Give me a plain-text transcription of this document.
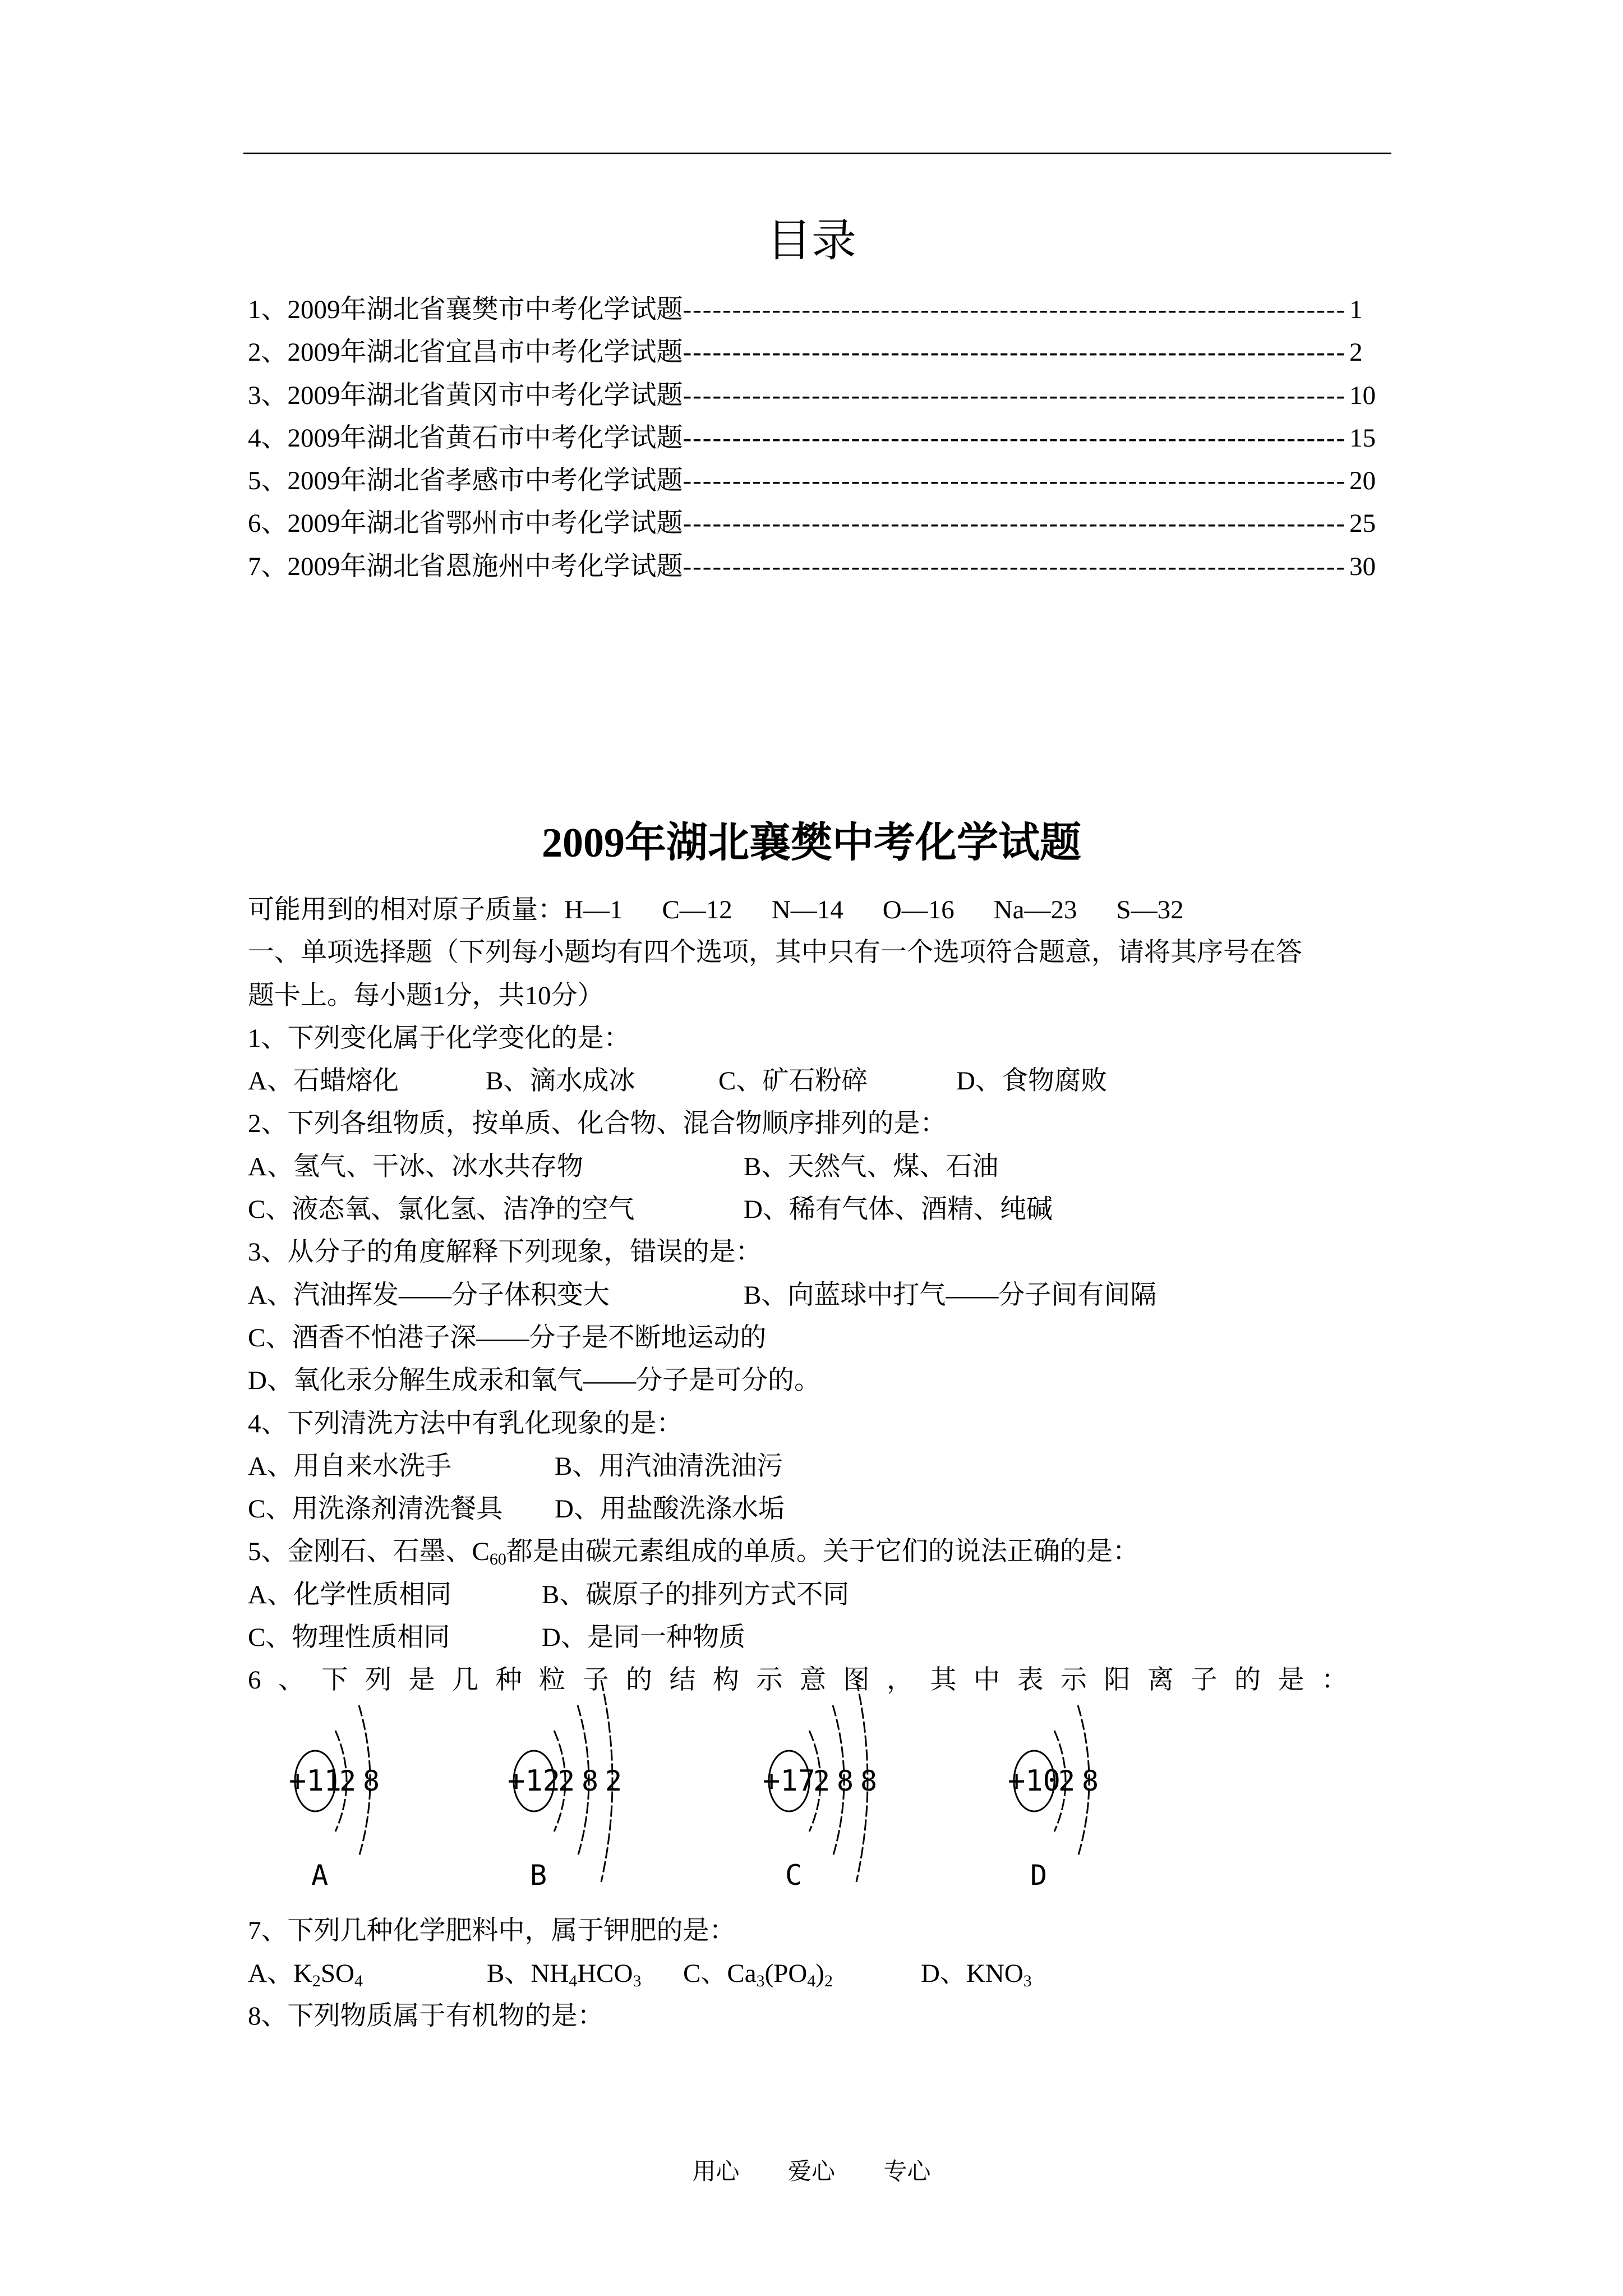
目录
1、2009年湖北省襄樊市中考化学试题 ------------------------------------------------------------------- 1
2、2009年湖北省宜昌市中考化学试题 ------------------------------------------------------------------- 2
3、2009年湖北省黄冈市中考化学试题 ------------------------------------------------------------------- 10
4、2009年湖北省黄石市中考化学试题 ------------------------------------------------------------------- 15
5、2009年湖北省孝感市中考化学试题 ------------------------------------------------------------------- 20
6、2009年湖北省鄂州市中考化学试题 ------------------------------------------------------------------- 25
7、2009年湖北省恩施州中考化学试题 ------------------------------------------------------------------- 30
2009年湖北襄樊中考化学试题
可能用到的相对原子质量：H—1 C—12 N—14 O—16 Na—23 S—32
一、单项选择题（下列每小题均有四个选项，其中只有一个选项符合题意，请将其序号在答
题卡上。每小题1分，共10分）
1、下列变化属于化学变化的是：
A、石蜡熔化	B、滴水成冰	C、矿石粉碎	D、食物腐败
2、下列各组物质，按单质、化合物、混合物顺序排列的是：
A、氢气、干冰、冰水共存物	B、天然气、煤、石油
C、液态氧、氯化氢、洁净的空气	D、稀有气体、酒精、纯碱
3、从分子的角度解释下列现象，错误的是：
A、汽油挥发——分子体积变大	B、向蓝球中打气——分子间有间隔
C、酒香不怕港子深——分子是不断地运动的
D、氧化汞分解生成汞和氧气——分子是可分的。
4、下列清洗方法中有乳化现象的是：
A、用自来水洗手	B、用汽油清洗油污
C、用洗涤剂清洗餐具 D、用盐酸洗涤水垢
5、金刚石、石墨、$C_{60}$都是由碳元素组成的单质。关于它们的说法正确的是：
A、化学性质相同	B、碳原子的排列方式不同
C、物理性质相同	D、是同一种物质
6、下列是几种粒子的结构示意图，其中表示阳离子的是：
+11
2 8
A
+12
2 8 2
B
+17
2 8 8
C
+10
2 8
D
7、下列几种化学肥料中，属于钾肥的是：
A、$K_2SO_4$	B、$NH_4HCO_3$ C、$Ca_3(PO_4)_2$	D、$KNO_3$
8、下列物质属于有机物的是：
用心 爱心 专心
